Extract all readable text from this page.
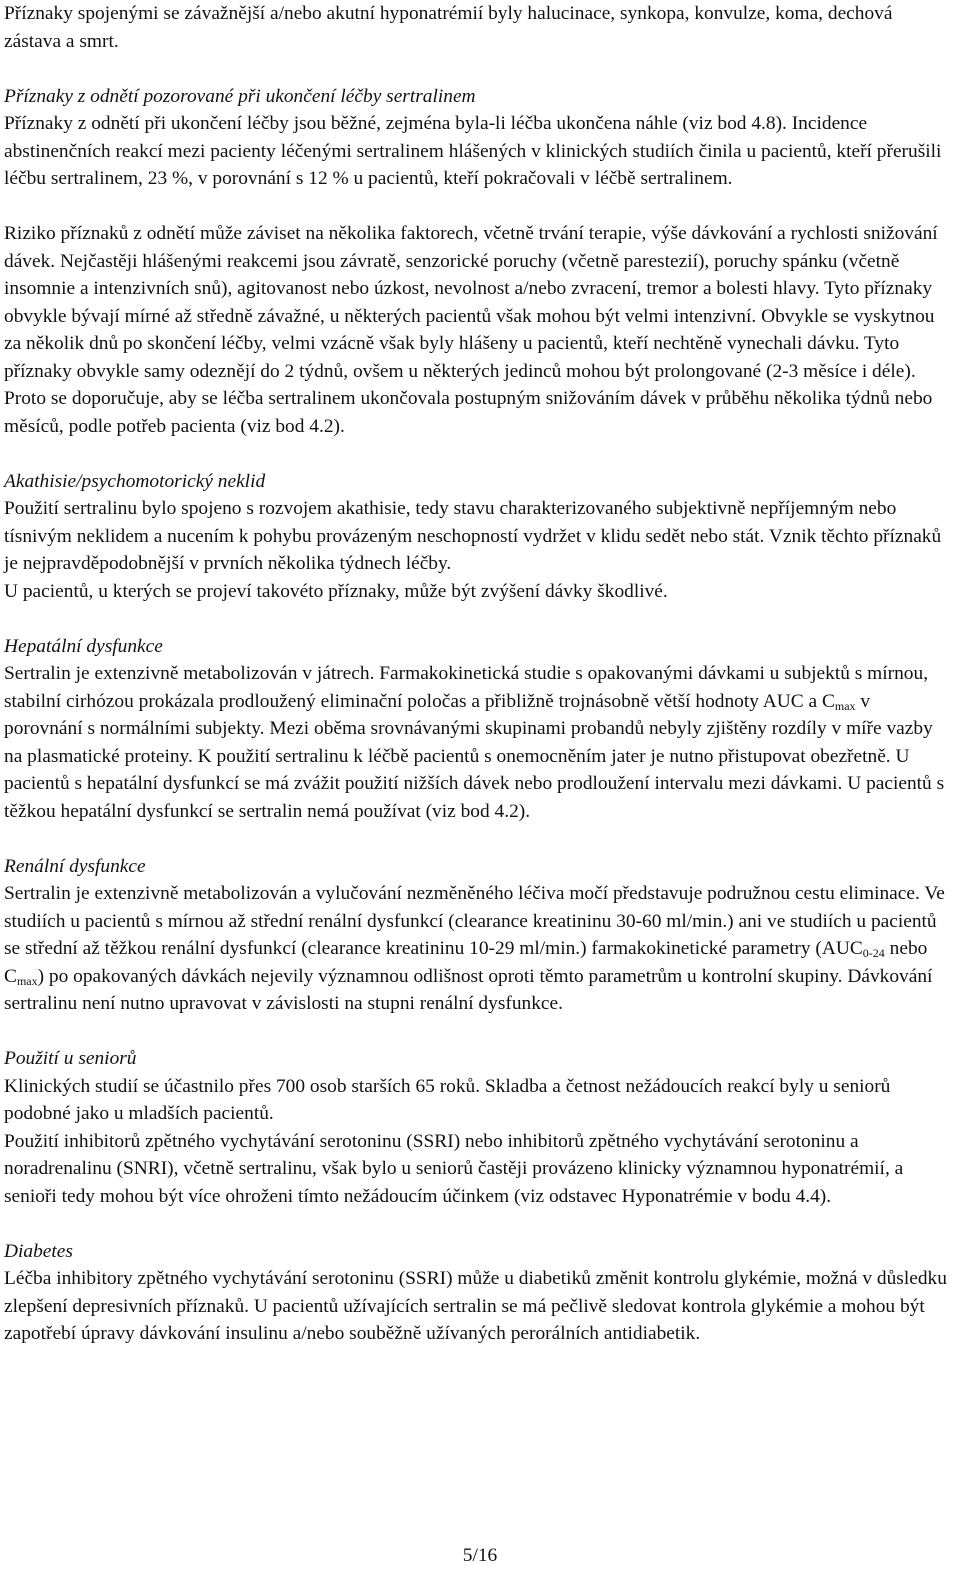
Příznaky spojenými se závažnější a/nebo akutní hyponatrémií byly halucinace, synkopa, konvulze, koma, dechová zástava a smrt.

Příznaky z odnětí pozorované při ukončení léčby sertralinem

Příznaky z odnětí při ukončení léčby jsou běžné, zejména byla-li léčba ukončena náhle (viz bod 4.8). Incidence abstinenčních reakcí mezi pacienty léčenými sertralinem hlášených v klinických studiích činila u pacientů, kteří přerušili léčbu sertralinem, 23 %, v porovnání s 12 % u pacientů, kteří pokračovali v léčbě sertralinem.

Riziko příznaků z odnětí může záviset na několika faktorech, včetně trvání terapie, výše dávkování a rychlosti snižování dávek. Nejčastěji hlášenými reakcemi jsou závratě, senzorické poruchy (včetně parestezií), poruchy spánku (včetně insomnie a intenzivních snů), agitovanost nebo úzkost, nevolnost a/nebo zvracení, tremor a bolesti hlavy. Tyto příznaky obvykle bývají mírné až středně závažné, u některých pacientů však mohou být velmi intenzivní. Obvykle se vyskytnou za několik dnů po skončení léčby, velmi vzácně však byly hlášeny u pacientů, kteří nechtěně vynechali dávku. Tyto příznaky obvykle samy odeznějí do 2 týdnů, ovšem u některých jedinců mohou být prolongované (2-3 měsíce i déle). Proto se doporučuje, aby se léčba sertralinem ukončovala postupným snižováním dávek v průběhu několika týdnů nebo měsíců, podle potřeb pacienta (viz bod 4.2).

Akathisie/psychomotorický neklid

Použití sertralinu bylo spojeno s rozvojem akathisie, tedy stavu charakterizovaného subjektivně nepříjemným nebo tísnivým neklidem a nucením k pohybu provázeným neschopností vydržet v klidu sedět nebo stát. Vznik těchto příznaků je nejpravděpodobnější v prvních několika týdnech léčby.

U pacientů, u kterých se projeví takovéto příznaky, může být zvýšení dávky škodlivé.

Hepatální dysfunkce

Sertralin je extenzivně metabolizován v játrech. Farmakokinetická studie s opakovanými dávkami u subjektů s mírnou, stabilní cirhózou prokázala prodloužený eliminační poločas a přibližně trojnásobně větší hodnoty AUC a $C_{max}$ v porovnání s normálními subjekty. Mezi oběma srovnávanými skupinami probandů nebyly zjištěny rozdíly v míře vazby na plasmatické proteiny. K použití sertralinu k léčbě pacientů s onemocněním jater je nutno přistupovat obezřetně. U pacientů s hepatální dysfunkcí se má zvážit použití nižších dávek nebo prodloužení intervalu mezi dávkami. U pacientů s těžkou hepatální dysfunkcí se sertralin nemá používat (viz bod 4.2).

Renální dysfunkce

Sertralin je extenzivně metabolizován a vylučování nezměněného léčiva močí představuje podružnou cestu eliminace. Ve studiích u pacientů s mírnou až střední renální dysfunkcí (clearance kreatininu 30-60 ml/min.) ani ve studiích u pacientů se střední až těžkou renální dysfunkcí (clearance kreatininu 10-29 ml/min.) farmakokinetické parametry ($AUC_{0-24}$ nebo $C_{max}$) po opakovaných dávkách nejevily významnou odlišnost oproti těmto parametrům u kontrolní skupiny. Dávkování sertralinu není nutno upravovat v závislosti na stupni renální dysfunkce.

Použití u seniorů

Klinických studií se účastnilo přes 700 osob starších 65 roků. Skladba a četnost nežádoucích reakcí byly u seniorů podobné jako u mladších pacientů.

Použití inhibitorů zpětného vychytávání serotoninu (SSRI) nebo inhibitorů zpětného vychytávání serotoninu a noradrenalinu (SNRI), včetně sertralinu, však bylo u seniorů častěji provázeno klinicky významnou hyponatrémií, a senioři tedy mohou být více ohroženi tímto nežádoucím účinkem (viz odstavec Hyponatrémie v bodu 4.4).

Diabetes

Léčba inhibitory zpětného vychytávání serotoninu (SSRI) může u diabetiků změnit kontrolu glykémie, možná v důsledku zlepšení depresivních příznaků. U pacientů užívajících sertralin se má pečlivě sledovat kontrola glykémie a mohou být zapotřebí úpravy dávkování insulinu a/nebo souběžně užívaných perorálních antidiabetik.

5/16
